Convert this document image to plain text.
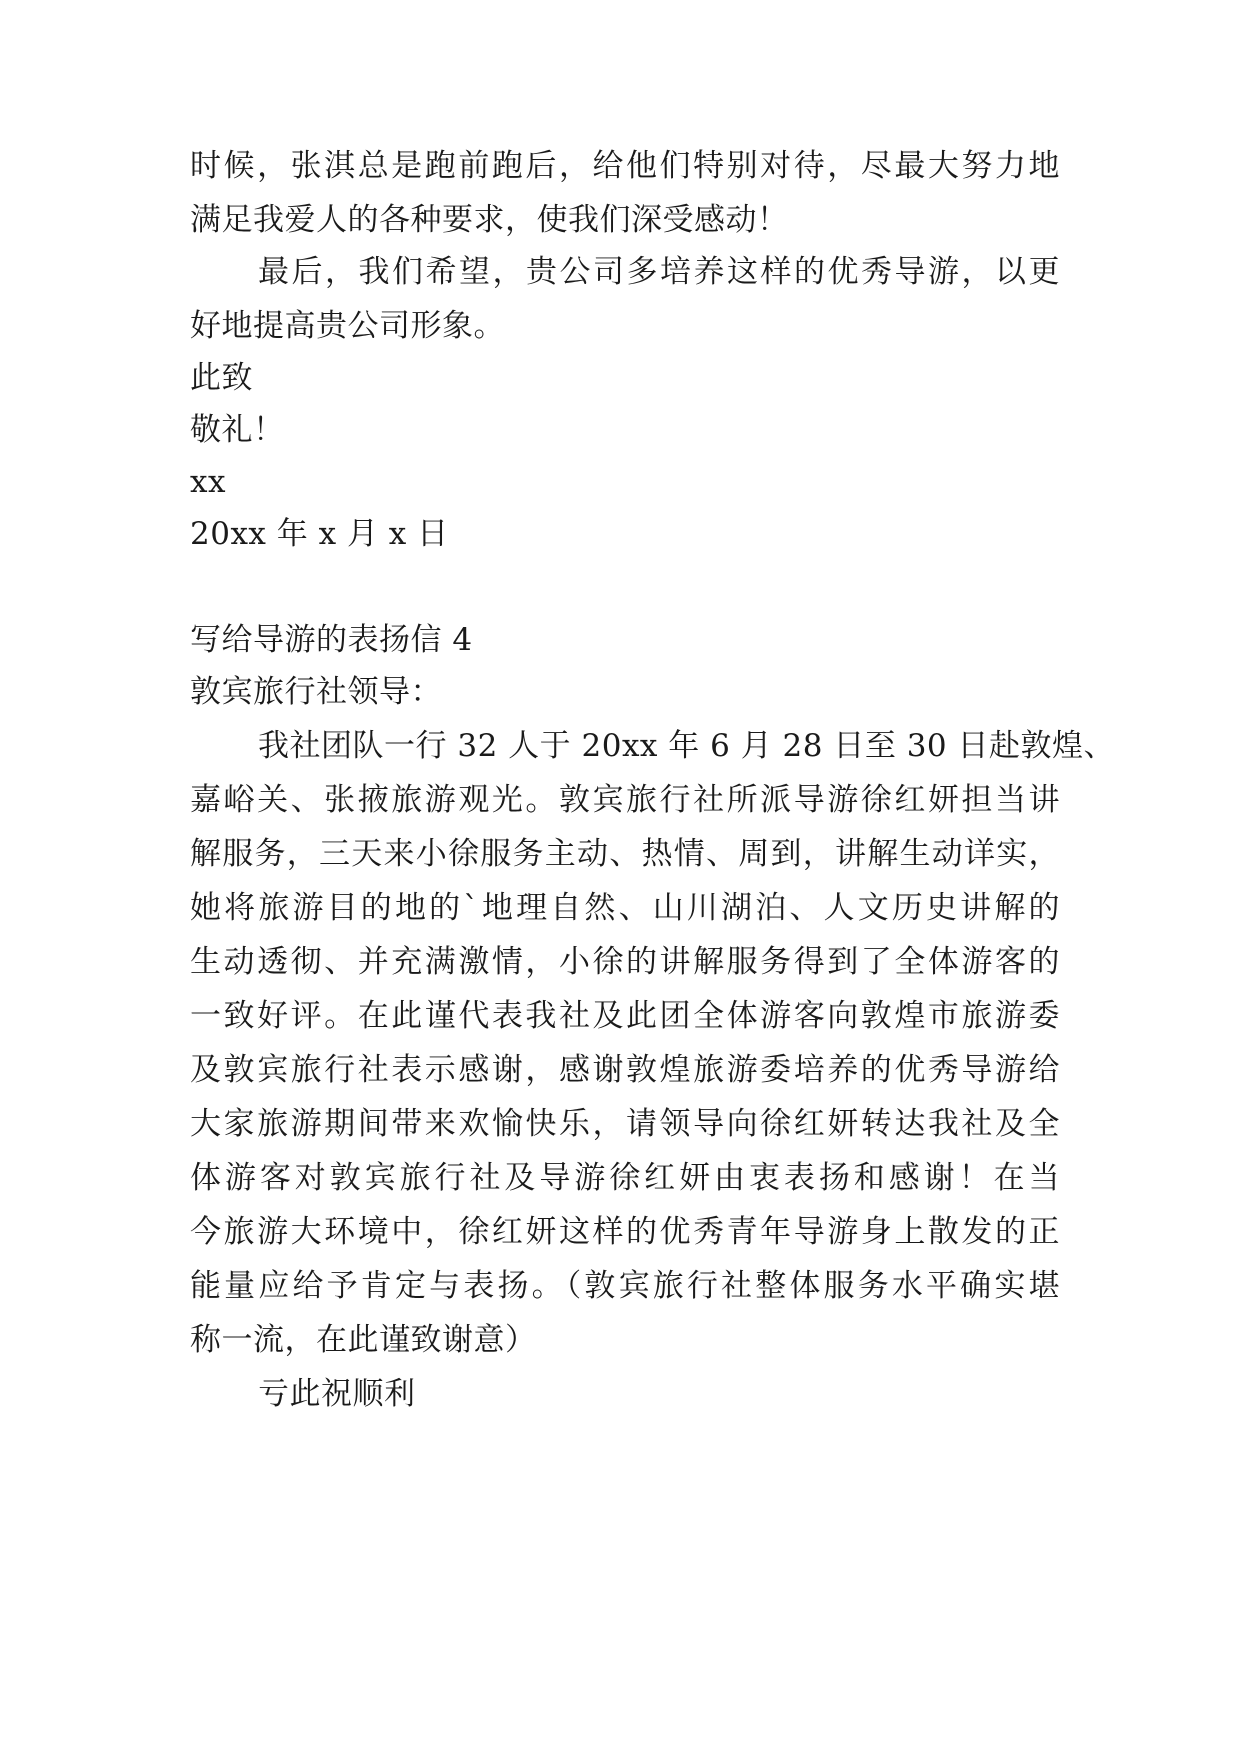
时候，张淇总是跑前跑后，给他们特别对待，尽最大努力地
满足我爱人的各种要求，使我们深受感动！
最后，我们希望，贵公司多培养这样的优秀导游，以更
好地提高贵公司形象。
此致
敬礼！
xx
20xx 年 x 月 x 日
写给导游的表扬信 4
敦宾旅行社领导：
我社团队一行 32 人于 20xx 年 6 月 28 日至 30 日赴敦煌、
嘉峪关、张掖旅游观光。敦宾旅行社所派导游徐红妍担当讲
解服务，三天来小徐服务主动、热情、周到，讲解生动详实，
她将旅游目的地的`地理自然、山川湖泊、人文历史讲解的
生动透彻、并充满激情，小徐的讲解服务得到了全体游客的
一致好评。在此谨代表我社及此团全体游客向敦煌市旅游委
及敦宾旅行社表示感谢，感谢敦煌旅游委培养的优秀导游给
大家旅游期间带来欢愉快乐，请领导向徐红妍转达我社及全
体游客对敦宾旅行社及导游徐红妍由衷表扬和感谢！在当
今旅游大环境中，徐红妍这样的优秀青年导游身上散发的正
能量应给予肯定与表扬。（敦宾旅行社整体服务水平确实堪
称一流，在此谨致谢意）
亏此祝顺利
